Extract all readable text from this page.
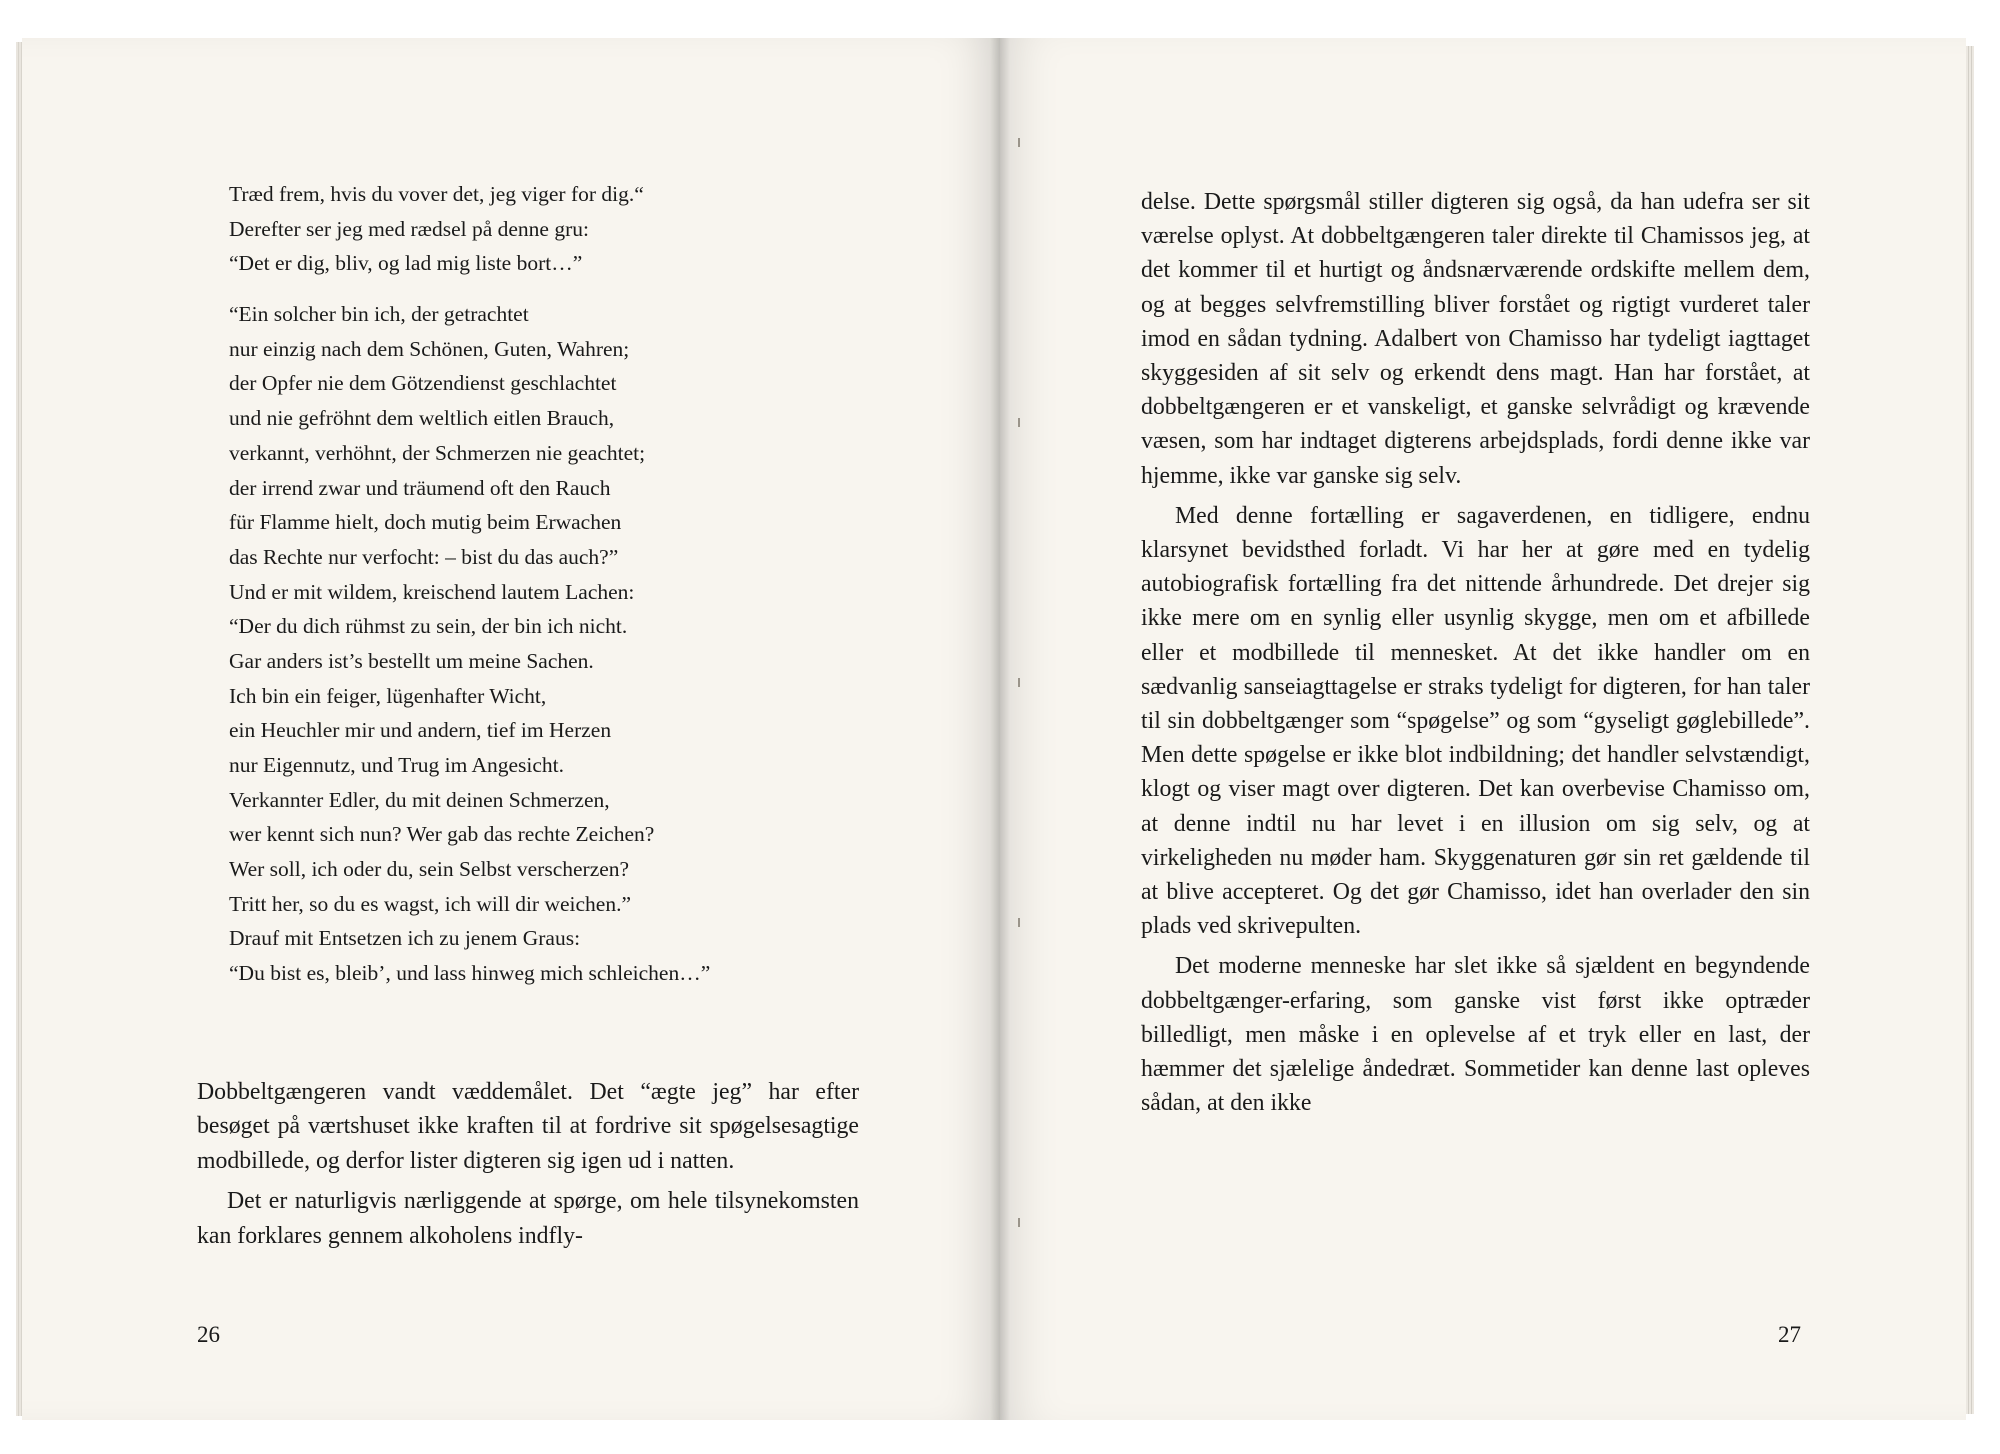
Træd frem, hvis du vover det, jeg viger for dig.“
Derefter ser jeg med rædsel på denne gru:
“Det er dig, bliv, og lad mig liste bort…”
“Ein solcher bin ich, der getrachtet
nur einzig nach dem Schönen, Guten, Wahren;
der Opfer nie dem Götzendienst geschlachtet
und nie gefröhnt dem weltlich eitlen Brauch,
verkannt, verhöhnt, der Schmerzen nie geachtet;
der irrend zwar und träumend oft den Rauch
für Flamme hielt, doch mutig beim Erwachen
das Rechte nur verfocht: – bist du das auch?”
Und er mit wildem, kreischend lautem Lachen:
“Der du dich rühmst zu sein, der bin ich nicht.
Gar anders ist’s bestellt um meine Sachen.
Ich bin ein feiger, lügenhafter Wicht,
ein Heuchler mir und andern, tief im Herzen
nur Eigennutz, und Trug im Angesicht.
Verkannter Edler, du mit deinen Schmerzen,
wer kennt sich nun? Wer gab das rechte Zeichen?
Wer soll, ich oder du, sein Selbst verscherzen?
Tritt her, so du es wagst, ich will dir weichen.”
Drauf mit Entsetzen ich zu jenem Graus:
“Du bist es, bleib’, und lass hinweg mich schleichen…”

Dobbeltgængeren vandt væddemålet. Det “ægte jeg” har efter besøget på værtshuset ikke kraften til at fordrive sit spøgelsesagtige modbillede, og derfor lister digteren sig igen ud i natten.

Det er naturligvis nærliggende at spørge, om hele tilsynekomsten kan forklares gennem alkoholens indfly-

26

delse. Dette spørgsmål stiller digteren sig også, da han udefra ser sit værelse oplyst. At dobbeltgængeren taler direkte til Chamissos jeg, at det kommer til et hurtigt og åndsnærværende ordskifte mellem dem, og at begges selvfremstilling bliver forstået og rigtigt vurderet taler imod en sådan tydning. Adalbert von Chamisso har tydeligt iagttaget skyggesiden af sit selv og erkendt dens magt. Han har forstået, at dobbeltgængeren er et vanskeligt, et ganske selvrådigt og krævende væsen, som har indtaget digterens arbejdsplads, fordi denne ikke var hjemme, ikke var ganske sig selv.

Med denne fortælling er sagaverdenen, en tidligere, endnu klarsynet bevidsthed forladt. Vi har her at gøre med en tydelig autobiografisk fortælling fra det nittende århundrede. Det drejer sig ikke mere om en synlig eller usynlig skygge, men om et afbillede eller et modbillede til mennesket. At det ikke handler om en sædvanlig sanseiagttagelse er straks tydeligt for digteren, for han taler til sin dobbeltgænger som “spøgelse” og som “gyseligt gøglebillede”. Men dette spøgelse er ikke blot indbildning; det handler selvstændigt, klogt og viser magt over digteren. Det kan overbevise Chamisso om, at denne indtil nu har levet i en illusion om sig selv, og at virkeligheden nu møder ham. Skyggenaturen gør sin ret gældende til at blive accepteret. Og det gør Chamisso, idet han overlader den sin plads ved skrivepulten.

Det moderne menneske har slet ikke så sjældent en begyndende dobbeltgænger-erfaring, som ganske vist først ikke optræder billedligt, men måske i en oplevelse af et tryk eller en last, der hæmmer det sjælelige åndedræt. Sommetider kan denne last opleves sådan, at den ikke

27
